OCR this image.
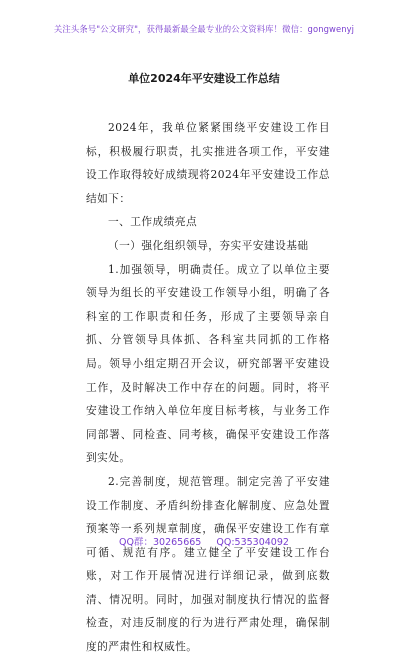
关注头条号"公文研究"，获得最新最全最专业的公文资料库！微信：gongwenyj
单位2024年平安建设工作总结

2024年，我单位紧紧围绕平安建设工作目标，积极履行职责，扎实推进各项工作，平安建设工作取得较好成绩现将2024年平安建设工作总结如下：

一、工作成绩亮点

（一）强化组织领导，夯实平安建设基础

1.加强领导，明确责任。成立了以单位主要领导为组长的平安建设工作领导小组，明确了各科室的工作职责和任务，形成了主要领导亲自抓、分管领导具体抓、各科室共同抓的工作格局。领导小组定期召开会议，研究部署平安建设工作，及时解决工作中存在的问题。同时，将平安建设工作纳入单位年度目标考核，与业务工作同部署、同检查、同考核，确保平安建设工作落到实处。

2.完善制度，规范管理。制定完善了平安建设工作制度、矛盾纠纷排查化解制度、应急处置预案等一系列规章制度，确保平安建设工作有章可循、规范有序。建立健全了平安建设工作台账，对工作开展情况进行详细记录，做到底数清、情况明。同时，加强对制度执行情况的监督检查，对违反制度的行为进行严肃处理，确保制度的严肃性和权威性。

QQ群：30265665 QQ:535304092
